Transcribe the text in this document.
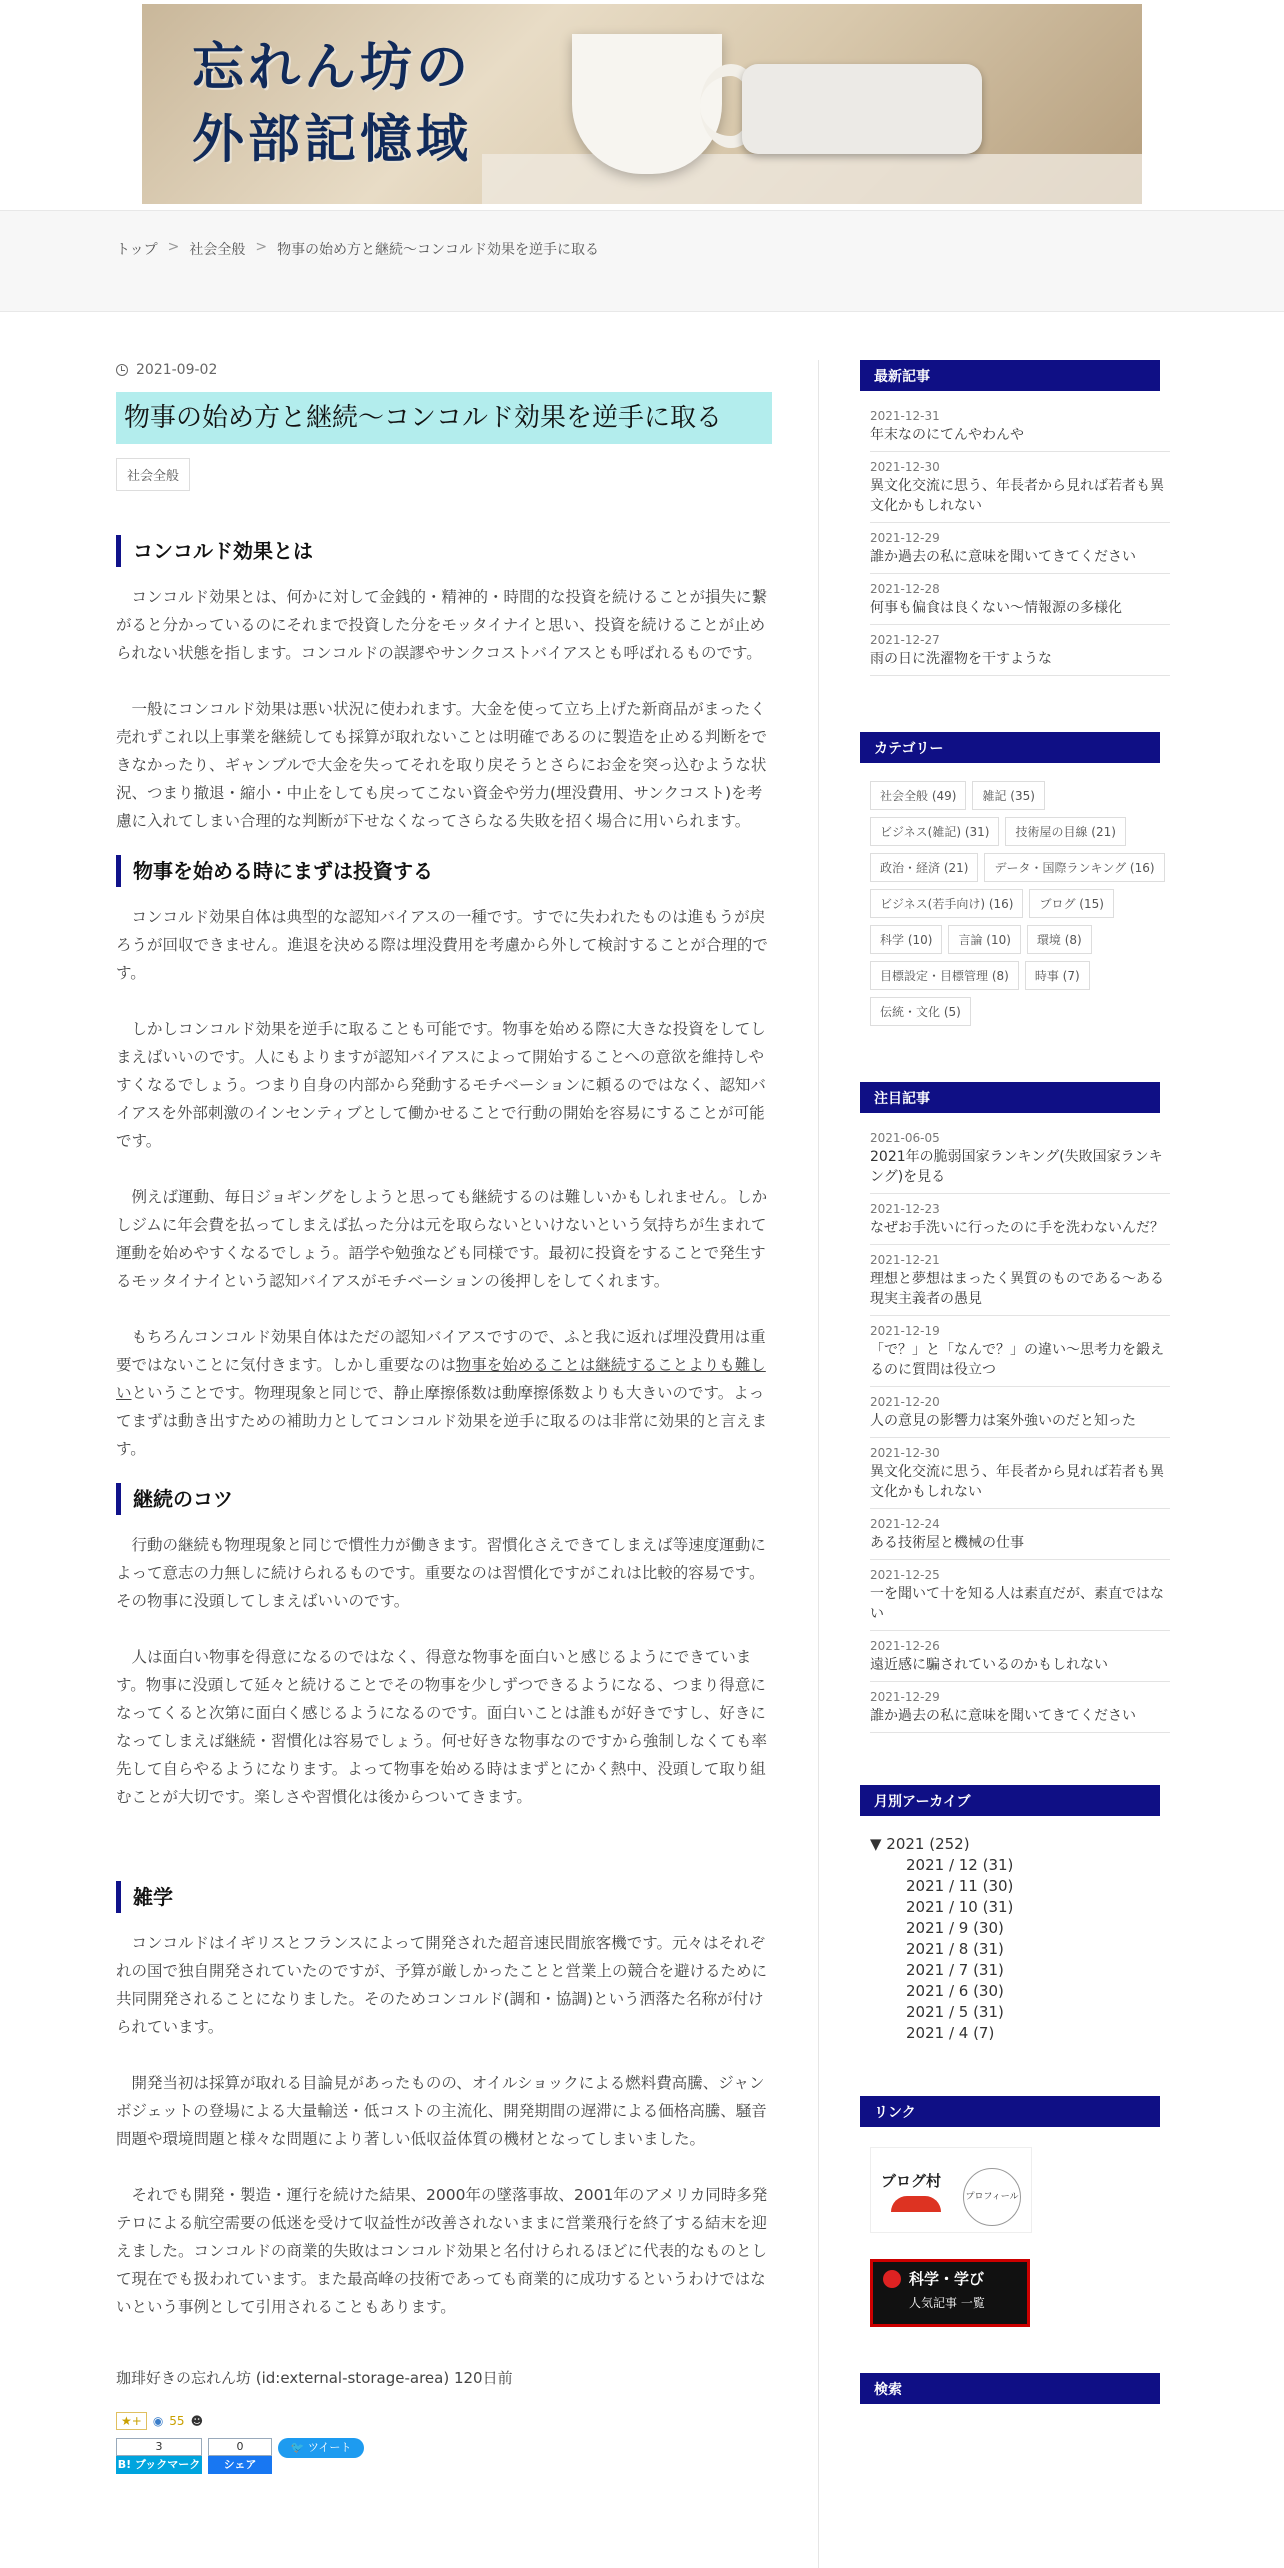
忘れん坊の
外部記憶域
トップ > 社会全般 > 物事の始め方と継続～コンコルド効果を逆手に取る
2021-09-02
物事の始め方と継続～コンコルド効果を逆手に取る
社会全般
コンコルド効果とは

コンコルド効果とは、何かに対して金銭的・精神的・時間的な投資を続けることが損失に繋がると分かっているのにそれまで投資した分をモッタイナイと思い、投資を続けることが止められない状態を指します。コンコルドの誤謬やサンクコストバイアスとも呼ばれるものです。

一般にコンコルド効果は悪い状況に使われます。大金を使って立ち上げた新商品がまったく売れずこれ以上事業を継続しても採算が取れないことは明確であるのに製造を止める判断をできなかったり、ギャンブルで大金を失ってそれを取り戻そうとさらにお金を突っ込むような状況、つまり撤退・縮小・中止をしても戻ってこない資金や労力(埋没費用、サンクコスト)を考慮に入れてしまい合理的な判断が下せなくなってさらなる失敗を招く場合に用いられます。

物事を始める時にまずは投資する

コンコルド効果自体は典型的な認知バイアスの一種です。すでに失われたものは進もうが戻ろうが回収できません。進退を決める際は埋没費用を考慮から外して検討することが合理的です。

しかしコンコルド効果を逆手に取ることも可能です。物事を始める際に大きな投資をしてしまえばいいのです。人にもよりますが認知バイアスによって開始することへの意欲を維持しやすくなるでしょう。つまり自身の内部から発動するモチベーションに頼るのではなく、認知バイアスを外部刺激のインセンティブとして働かせることで行動の開始を容易にすることが可能です。

例えば運動、毎日ジョギングをしようと思っても継続するのは難しいかもしれません。しかしジムに年会費を払ってしまえば払った分は元を取らないといけないという気持ちが生まれて運動を始めやすくなるでしょう。語学や勉強なども同様です。最初に投資をすることで発生するモッタイナイという認知バイアスがモチベーションの後押しをしてくれます。

もちろんコンコルド効果自体はただの認知バイアスですので、ふと我に返れば埋没費用は重要ではないことに気付きます。しかし重要なのは物事を始めることは継続することよりも難しいということです。物理現象と同じで、静止摩擦係数は動摩擦係数よりも大きいのです。よってまずは動き出すための補助力としてコンコルド効果を逆手に取るのは非常に効果的と言えます。

継続のコツ

行動の継続も物理現象と同じで慣性力が働きます。習慣化さえできてしまえば等速度運動によって意志の力無しに続けられるものです。重要なのは習慣化ですがこれは比較的容易です。その物事に没頭してしまえばいいのです。

人は面白い物事を得意になるのではなく、得意な物事を面白いと感じるようにできています。物事に没頭して延々と続けることでその物事を少しずつできるようになる、つまり得意になってくると次第に面白く感じるようになるのです。面白いことは誰もが好きですし、好きになってしまえば継続・習慣化は容易でしょう。何せ好きな物事なのですから強制しなくても率先して自らやるようになります。よって物事を始める時はまずとにかく熱中、没頭して取り組むことが大切です。楽しさや習慣化は後からついてきます。

雑学

コンコルドはイギリスとフランスによって開発された超音速民間旅客機です。元々はそれぞれの国で独自開発されていたのですが、予算が厳しかったことと営業上の競合を避けるために共同開発されることになりました。そのためコンコルド(調和・協調)という洒落た名称が付けられています。

開発当初は採算が取れる目論見があったものの、オイルショックによる燃料費高騰、ジャンボジェットの登場による大量輸送・低コストの主流化、開発期間の遅滞による価格高騰、騒音問題や環境問題と様々な問題により著しい低収益体質の機材となってしまいました。

それでも開発・製造・運行を続けた結果、2000年の墜落事故、2001年のアメリカ同時多発テロによる航空需要の低迷を受けて収益性が改善されないままに営業飛行を終了する結末を迎えました。コンコルドの商業的失敗はコンコルド効果と名付けられるほどに代表的なものとして現在でも扱われています。また最高峰の技術であっても商業的に成功するというわけではないという事例として引用されることもあります。

珈琲好きの忘れん坊 (id:external-storage-area) 120日前
★+ ◉ 55 ☻
3
B! ブックマーク
0
シェア
🐦 ツイート
最新記事
2021-12-31
年末なのにてんやわんや
2021-12-30
異文化交流に思う、年長者から見れば若者も異文化かもしれない
2021-12-29
誰か過去の私に意味を聞いてきてください
2021-12-28
何事も偏食は良くない〜情報源の多様化
2021-12-27
雨の日に洗濯物を干すような
カテゴリー
社会全般 (49)	雑記 (35)
ビジネス(雑記) (31)	技術屋の目線 (21)
政治・経済 (21)	データ・国際ランキング (16)
ビジネス(若手向け) (16)	ブログ (15)
科学 (10)	言論 (10)	環境 (8)
目標設定・目標管理 (8)	時事 (7)
伝統・文化 (5)
注目記事
2021-06-05
2021年の脆弱国家ランキング(失敗国家ランキング)を見る
2021-12-23
なぜお手洗いに行ったのに手を洗わないんだ？
2021-12-21
理想と夢想はまったく異質のものである～ある現実主義者の愚見
2021-12-19
「で？」と「なんで？」の違い～思考力を鍛えるのに質問は役立つ
2021-12-20
人の意見の影響力は案外強いのだと知った
2021-12-30
異文化交流に思う、年長者から見れば若者も異文化かもしれない
2021-12-24
ある技術屋と機械の仕事
2021-12-25
一を聞いて十を知る人は素直だが、素直ではない
2021-12-26
遠近感に騙されているのかもしれない
2021-12-29
誰か過去の私に意味を聞いてきてください
月別アーカイブ
▼ 2021 (252)
2021 / 12 (31)
2021 / 11 (30)
2021 / 10 (31)
2021 / 9 (30)
2021 / 8 (31)
2021 / 7 (31)
2021 / 6 (30)
2021 / 5 (31)
2021 / 4 (7)
リンク
ブログ村
プロフィール
科学・学び
人気記事 一覧
検索
